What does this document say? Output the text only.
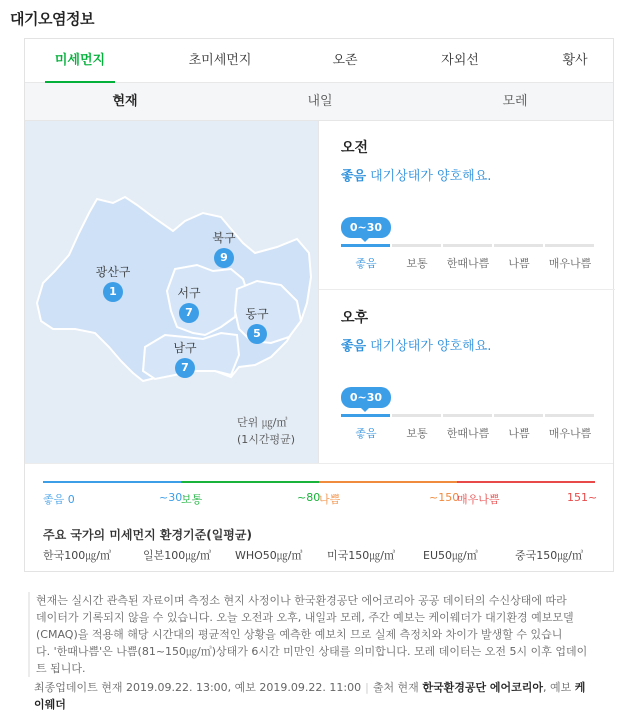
대기오염정보
미세먼지	초미세먼지	오존	자외선	황사
현재	내일	모레
광산구
1
북구
9
서구
7	동구
5
남구
7
단위 ㎍/㎥
(1시간평균)
오전
좋음 대기상태가 양호해요.
0~30
좋음	보통	한때나쁨	나쁨	매우나쁨
오후
좋음 대기상태가 양호해요.
0~30
좋음	보통	한때나쁨	나쁨	매우나쁨
좋음 0	~30
보통	~80
나쁨	~150
매우나쁨	151~
주요 국가의 미세먼지 환경기준(일평균)
한국100㎍/㎥	일본100㎍/㎥ WHO50㎍/㎥ 미국150㎍/㎥	EU50㎍/㎥	중국150㎍/㎥
현재는 실시간 관측된 자료이며 측정소 현지 사정이나 한국환경공단 에어코리아 공공 데이터의 수신상태에 따라
데이터가 기록되지 않을 수 있습니다. 오늘 오전과 오후, 내일과 모레, 주간 예보는 케이웨더가 대기환경 예보모델
(CMAQ)을 적용해 해당 시간대의 평균적인 상황을 예측한 예보치 므로 실제 측정치와 차이가 발생할 수 있습니
다. '한때나쁨'은 나쁨(81~150㎍/㎥)상태가 6시간 미만인 상태를 의미합니다. 모레 데이터는 오전 5시 이후 업데이
트 됩니다.
최종업데이트 현재 2019.09.22. 13:00, 예보 2019.09.22. 11:00 | 출처 현재 한국환경공단 에어코리아, 예보 케이웨더
